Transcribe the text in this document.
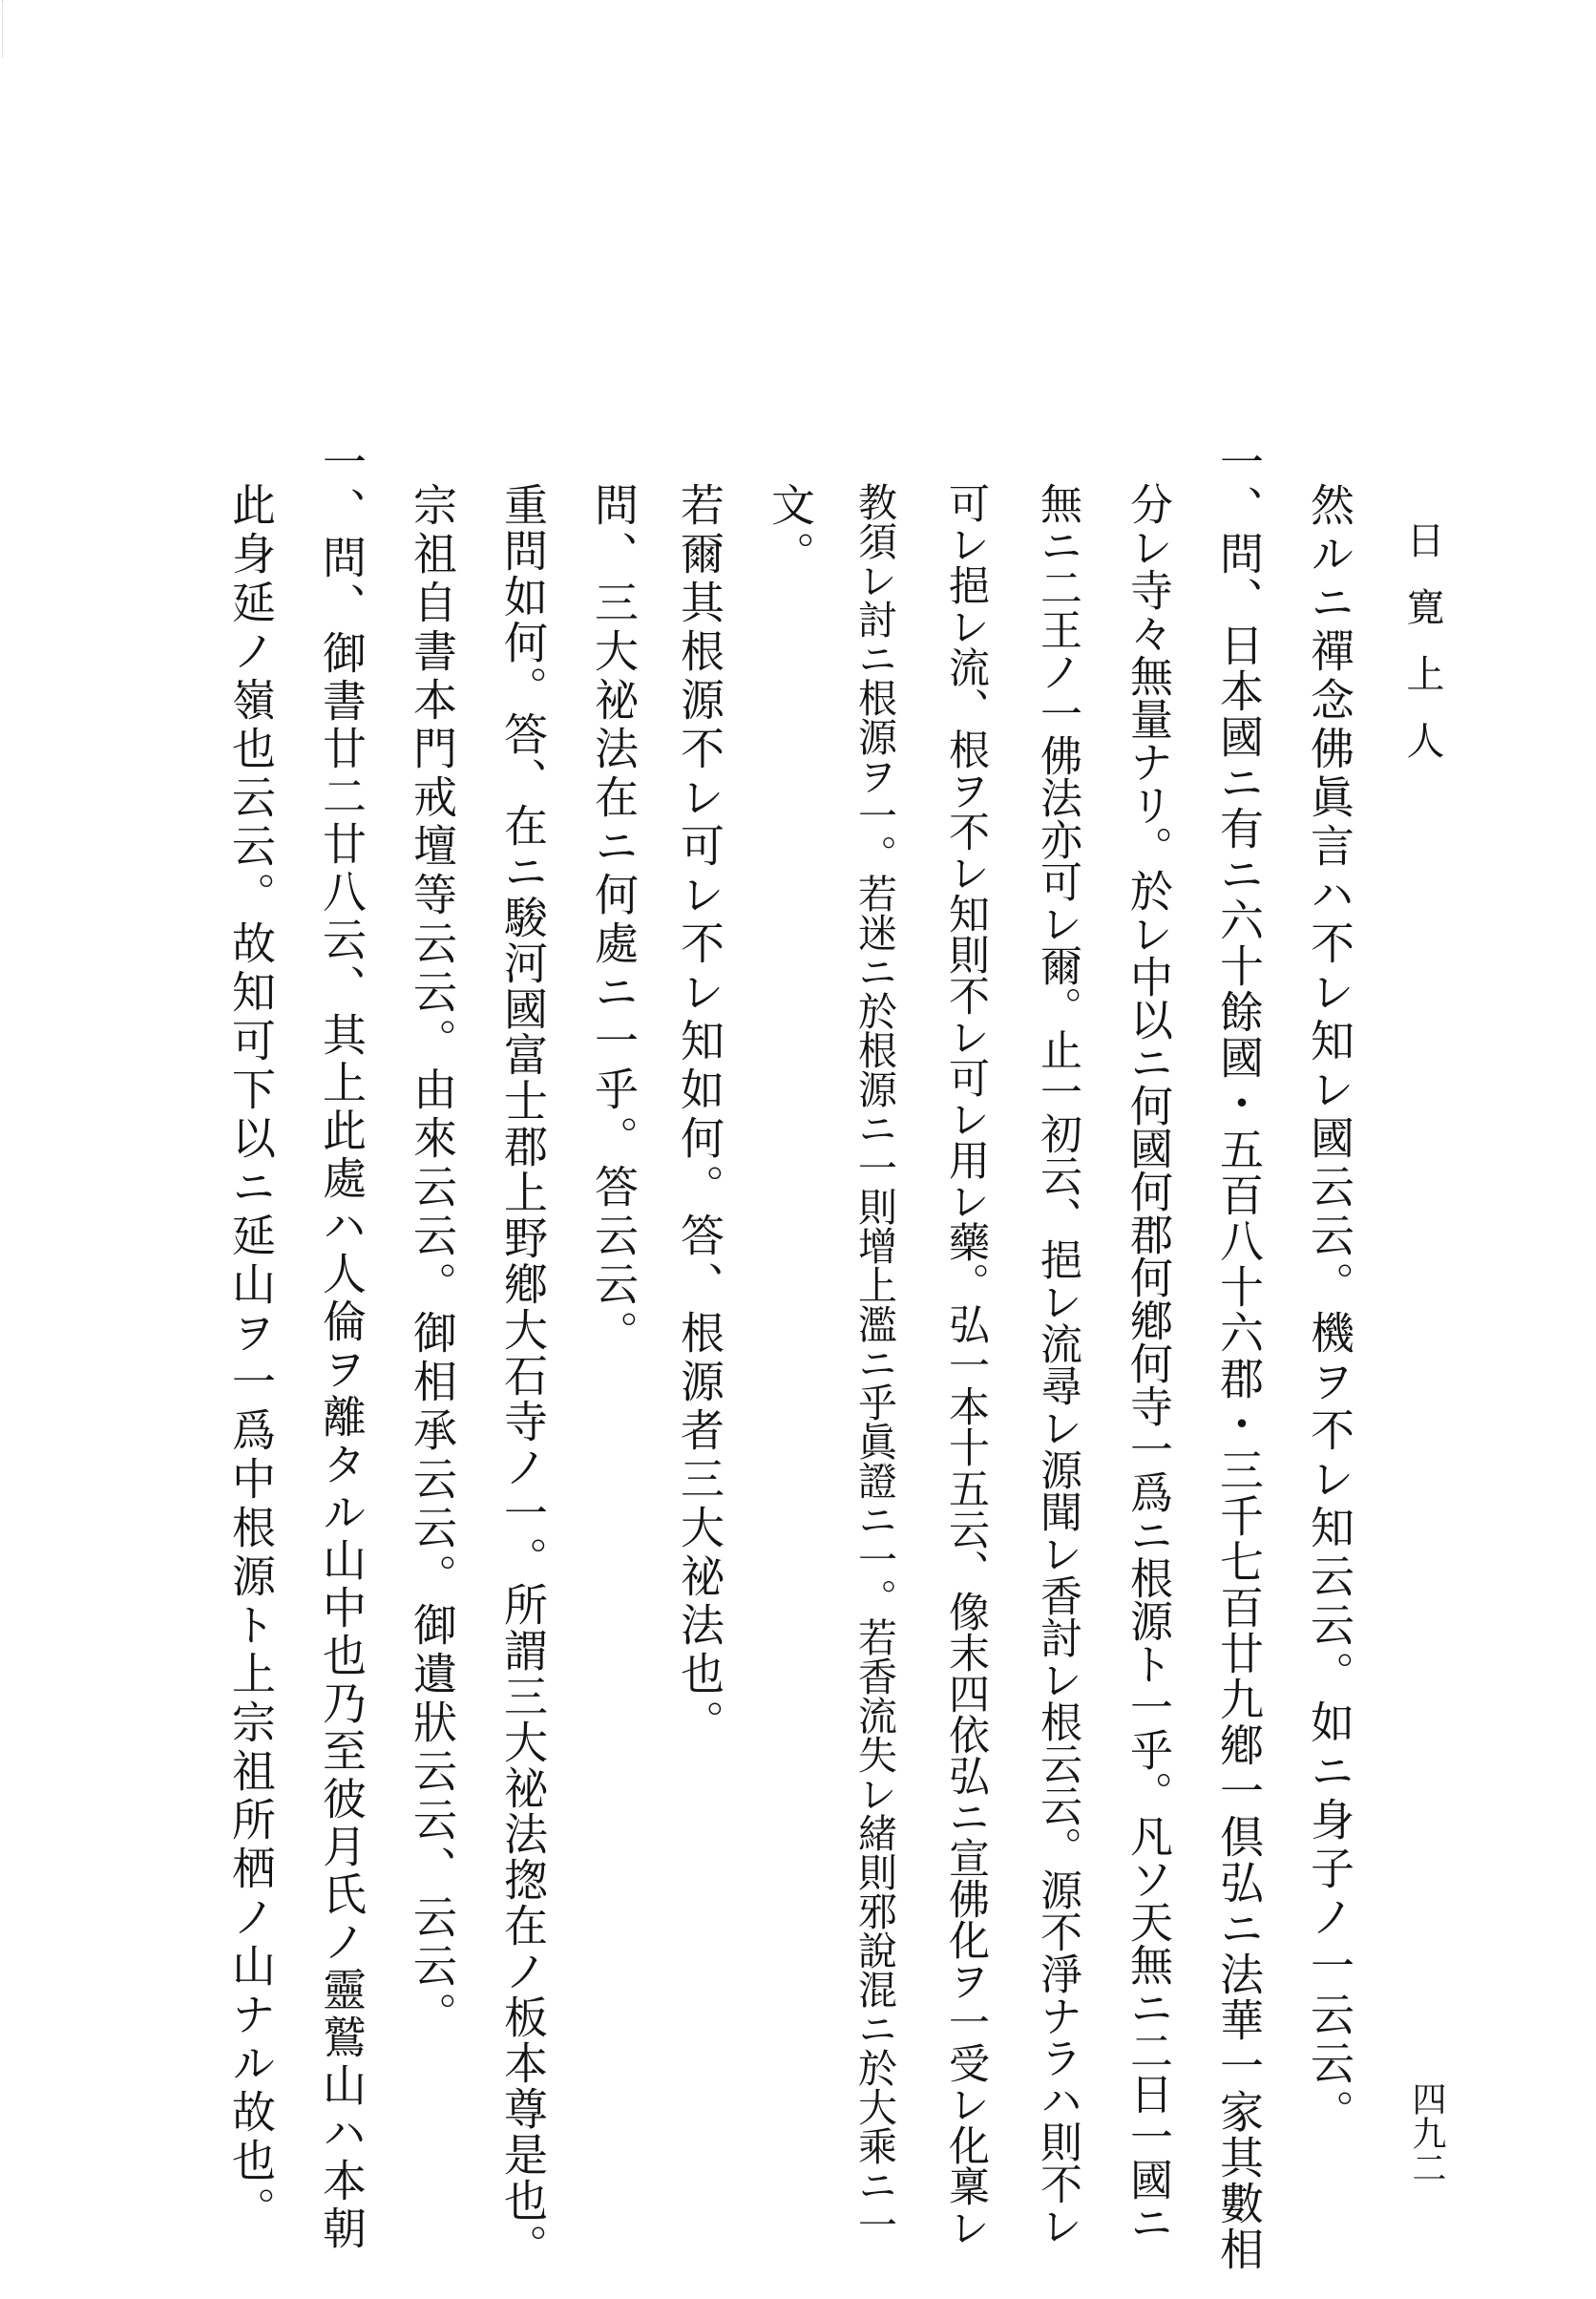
日寛上人
四九二
然ルニ禪念佛眞言ハ不レ知レ國云云。機ヲ不レ知云云。如ニ身子ノ一云云。
一、問、日本國ニ有ニ六十餘國・五百八十六郡・三千七百廿九鄕一倶弘ニ法華一家其數相
分レ寺々無量ナリ。於レ中以ニ何國何郡何鄕何寺一爲ニ根源ト一乎。凡ソ天無ニ二日一國ニ
無ニ二王ノ一佛法亦可レ爾。止一初云、挹レ流尋レ源聞レ香討レ根云云。源不淨ナラハ則不レ
可レ挹レ流、根ヲ不レ知則不レ可レ用レ藥。弘一本十五云、像末四依弘ニ宣佛化ヲ一受レ化稟レ
教須レ討ニ根源ヲ一。若迷ニ於根源ニ一則增上濫ニ乎眞證ニ一。若香流失レ緒則邪說混ニ於大乘ニ一
文。
若爾其根源不レ可レ不レ知如何。答、根源者三大祕法也。
問、三大祕法在ニ何處ニ一乎。答云云。
重問如何。答、在ニ駿河國富士郡上野鄕大石寺ノ一。所謂三大祕法揔在ノ板本尊是也。
宗祖自書本門戒壇等云云。由來云云。御相承云云。御遺狀云云、云云。
一、問、御書廿二廿八云、其上此處ハ人倫ヲ離タル山中也乃至彼月氏ノ靈鷲山ハ本朝
此身延ノ嶺也云云。故知可下以ニ延山ヲ一爲中根源ト上宗祖所栖ノ山ナル故也。
